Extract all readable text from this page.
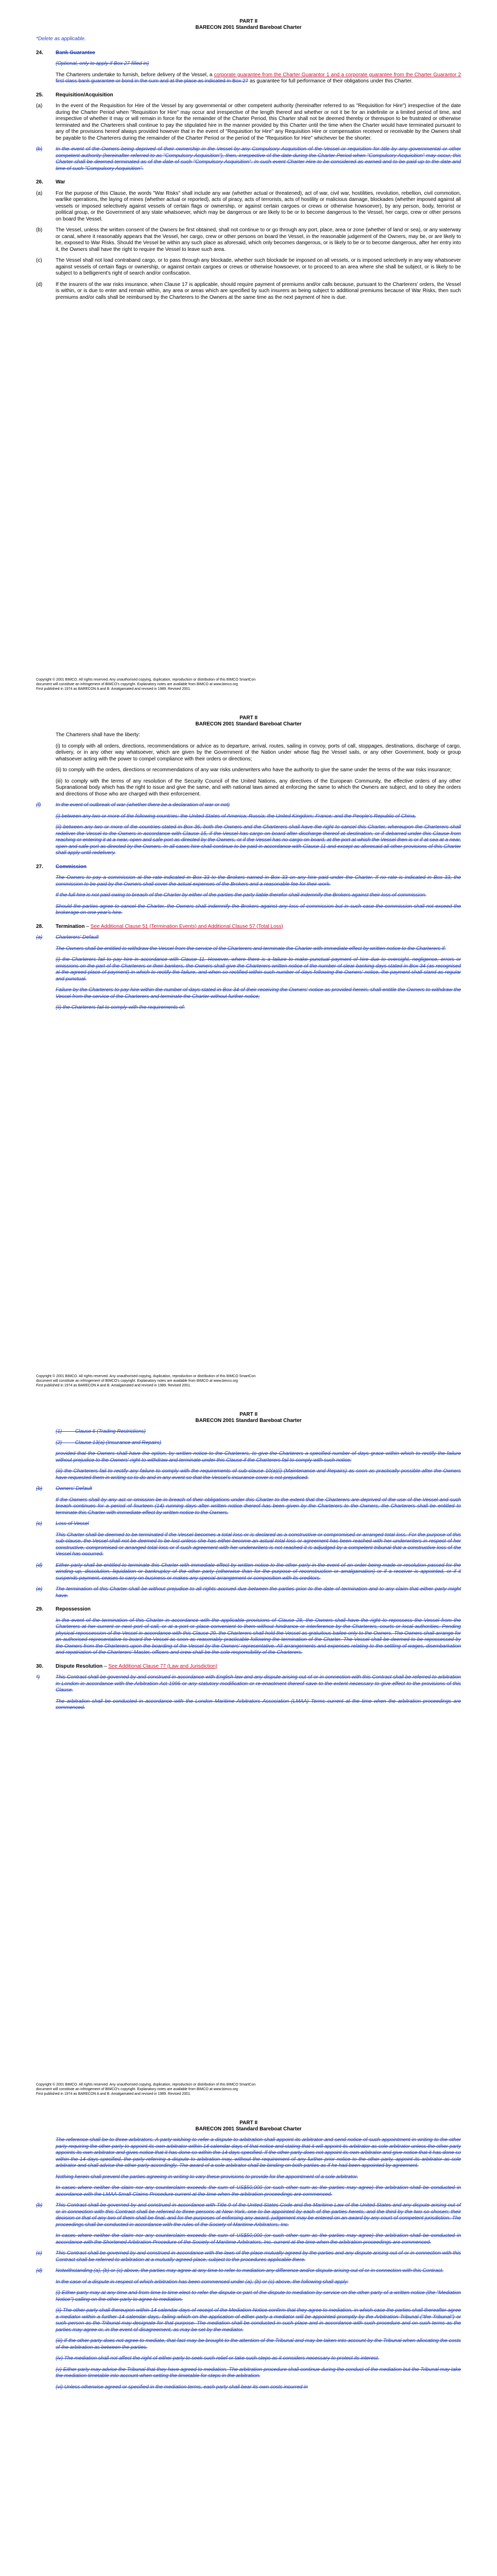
PART II
BARECON 2001 Standard Bareboat Charter
*Delete as applicable.
24.	Bank Guarantee
(Optional, only to apply if Box 27 filled in)
The Charterers undertake to furnish, before delivery of the Vessel, a corporate guarantee from the Charter Guarantor 1 and a corporate guarantee from the Charter Guarantor 2 first class bank guarantee or bond in the sum and at the place as indicated in Box 27 as guarantee for full performance of their obligations under this Charter.
25.	Requisition/Acquisition
(a)	In the event of the Requisition for Hire of the Vessel by any governmental or other competent authority (hereinafter referred to as "Requisition for Hire") irrespective of the date during the Charter Period when "Requisition for Hire" may occur and irrespective of the length thereof and whether or not it be for an indefinite or a limited period of time, and irrespective of whether it may or will remain in force for the remainder of the Charter Period, this Charter shall not be deemed thereby or thereupon to be frustrated or otherwise terminated and the Charterers shall continue to pay the stipulated hire in the manner provided by this Charter until the time when the Charter would have terminated pursuant to any of the provisions hereof always provided however that in the event of "Requisition for Hire" any Requisition Hire or compensation received or receivable by the Owners shall be payable to the Charterers during the remainder of the Charter Period or the period of the "Requisition for Hire" whichever be the shorter.
(b)	In the event of the Owners being deprived of their ownership in the Vessel by any Compulsory Acquisition of the Vessel or requisition for title by any governmental or other competent authority (hereinafter referred to as "Compulsory Acquisition"), then, irrespective of the date during the Charter Period when "Compulsory Acquisition" may occur, this Charter shall be deemed terminated as of the date of such "Compulsory Acquisition". In such event Charter Hire to be considered as earned and to be paid up to the date and time of such "Compulsory Acquisition".
26.	War
(a)	For the purpose of this Clause, the words "War Risks" shall include any war (whether actual or threatened), act of war, civil war, hostilities, revolution, rebellion, civil commotion, warlike operations, the laying of mines (whether actual or reported), acts of piracy, acts of terrorists, acts of hostility or malicious damage, blockades (whether imposed against all vessels or imposed selectively against vessels of certain flags or ownership, or against certain cargoes or crews or otherwise howsoever), by any person, body, terrorist or political group, or the Government of any state whatsoever, which may be dangerous or are likely to be or to become dangerous to the Vessel, her cargo, crew or other persons on board the Vessel.
(b)	The Vessel, unless the written consent of the Owners be first obtained, shall not continue to or go through any port, place, area or zone (whether of land or sea), or any waterway or canal, where it reasonably appears that the Vessel, her cargo, crew or other persons on board the Vessel, in the reasonable judgement of the Owners, may be, or are likely to be, exposed to War Risks. Should the Vessel be within any such place as aforesaid, which only becomes dangerous, or is likely to be or to become dangerous, after her entry into it, the Owners shall have the right to require the Vessel to leave such area.
(c)	The Vessel shall not load contraband cargo, or to pass through any blockade, whether such blockade be imposed on all vessels, or is imposed selectively in any way whatsoever against vessels of certain flags or ownership, or against certain cargoes or crews or otherwise howsoever, or to proceed to an area where she shall be subject, or is likely to be subject to a belligerent's right of search and/or confiscation.
(d)	If the insurers of the war risks insurance, when Clause 17 is applicable, should require payment of premiums and/or calls because, pursuant to the Charterers' orders, the Vessel is within, or is due to enter and remain within, any area or areas which are specified by such insurers as being subject to additional premiums because of War Risks, then such premiums and/or calls shall be reimbursed by the Charterers to the Owners at the same time as the next payment of hire is due.
Copyright © 2001 BIMCO. All rights reserved. Any unauthorised copying, duplication, reproduction or distribution of this BIMCO SmartCon
document will constitute an infringement of BIMCO's copyright. Explanatory notes are available from BIMCO at www.bimco.org
First published in 1974 as BARECON A and B. Amalgamated and revised in 1989. Revised 2001.
PART II
BARECON 2001 Standard Bareboat Charter
The Charterers shall have the liberty:
(i) to comply with all orders, directions, recommendations or advice as to departure, arrival, routes, sailing in convoy, ports of call, stoppages, destinations, discharge of cargo, delivery, or in any other way whatsoever, which are given by the Government of the Nation under whose flag the Vessel sails, or any other Government, body or group whatsoever acting with the power to compel compliance with their orders or directions;
(ii) to comply with the orders, directions or recommendations of any war risks underwriters who have the authority to give the same under the terms of the war risks insurance;
(iii) to comply with the terms of any resolution of the Security Council of the United Nations, any directives of the European Community, the effective orders of any other Supranational body which has the right to issue and give the same, and with national laws aimed at enforcing the same to which the Owners are subject, and to obey the orders and directions of those who are charged with their enforcement.
(f)	In the event of outbreak of war (whether there be a declaration of war or not)
(i) between any two or more of the following countries: the United States of America; Russia; the United Kingdom; France; and the People's Republic of China,
(ii) between any two or more of the countries stated in Box 36, both the Owners and the Charterers shall have the right to cancel this Charter, whereupon the Charterers shall redeliver the Vessel to the Owners in accordance with Clause 15, if the Vessel has cargo on board after discharge thereof at destination, or if debarred under this Clause from reaching or entering it at a near, open and safe port as directed by the Owners, or if the Vessel has no cargo on board, at the port at which the Vessel then is or if at sea at a near, open and safe port as directed by the Owners. In all cases hire shall continue to be paid in accordance with Clause 11 and except as aforesaid all other provisions of this Charter shall apply until redelivery.
27.	Commission
The Owners to pay a commission at the rate indicated in Box 33 to the Brokers named in Box 33 on any hire paid under the Charter. If no rate is indicated in Box 33, the commission to be paid by the Owners shall cover the actual expenses of the Brokers and a reasonable fee for their work.
If the full hire is not paid owing to breach of the Charter by either of the parties the party liable therefor shall indemnify the Brokers against their loss of commission.
Should the parties agree to cancel the Charter, the Owners shall indemnify the Brokers against any loss of commission but in such case the commission shall not exceed the brokerage on one year's hire.
28.	Termination – See Additional Clause 51 (Termination Events) and Additional Clause 57 (Total Loss)
(a)	Charterers' Default
The Owners shall be entitled to withdraw the Vessel from the service of the Charterers and terminate the Charter with immediate effect by written notice to the Charterers if:
(i) the Charterers fail to pay hire in accordance with Clause 11. However, where there is a failure to make punctual payment of hire due to oversight, negligence, errors or omissions on the part of the Charterers or their bankers, the Owners shall give the Charterers written notice of the number of clear banking days stated in Box 34 (as recognised at the agreed place of payment) in which to rectify the failure, and when so rectified within such number of days following the Owners' notice, the payment shall stand as regular and punctual.
Failure by the Charterers to pay hire within the number of days stated in Box 34 of their receiving the Owners' notice as provided herein, shall entitle the Owners to withdraw the Vessel from the service of the Charterers and terminate the Charter without further notice;
(ii) the Charterers fail to comply with the requirements of:
Copyright © 2001 BIMCO. All rights reserved. Any unauthorised copying, duplication, reproduction or distribution of this BIMCO SmartCon
document will constitute an infringement of BIMCO's copyright. Explanatory notes are available from BIMCO at www.bimco.org
First published in 1974 as BARECON A and B. Amalgamated and revised in 1989. Revised 2001.
PART II
BARECON 2001 Standard Bareboat Charter
(1) —— Clause 6 (Trading Restrictions)
(2) —— Clause 13(a) (Insurance and Repairs)
provided that the Owners shall have the option, by written notice to the Charterers, to give the Charterers a specified number of days grace within which to rectify the failure without prejudice to the Owners' right to withdraw and terminate under this Clause if the Charterers fail to comply with such notice;
(iii) the Charterers fail to rectify any failure to comply with the requirements of sub-clause 10(a)(i) (Maintenance and Repairs) as soon as practically possible after the Owners have requested them in writing so to do and in any event so that the Vessel's insurance cover is not prejudiced.
(b)	Owners' Default
If the Owners shall by any act or omission be in breach of their obligations under this Charter to the extent that the Charterers are deprived of the use of the Vessel and such breach continues for a period of fourteen (14) running days after written notice thereof has been given by the Charterers to the Owners, the Charterers shall be entitled to terminate this Charter with immediate effect by written notice to the Owners.
(c)	Loss of Vessel
This Charter shall be deemed to be terminated if the Vessel becomes a total loss or is declared as a constructive or compromised or arranged total loss. For the purpose of this sub-clause, the Vessel shall not be deemed to be lost unless she has either become an actual total loss or agreement has been reached with her underwriters in respect of her constructive, compromised or arranged total loss or if such agreement with her underwriters is not reached it is adjudged by a competent tribunal that a constructive loss of the Vessel has occurred.
(d)	Either party shall be entitled to terminate this Charter with immediate effect by written notice to the other party in the event of an order being made or resolution passed for the winding up, dissolution, liquidation or bankruptcy of the other party (otherwise than for the purpose of reconstruction or amalgamation) or if a receiver is appointed, or if it suspends payment, ceases to carry on business or makes any special arrangement or composition with its creditors.
(e)	The termination of this Charter shall be without prejudice to all rights accrued due between the parties prior to the date of termination and to any claim that either party might have.
29.	Repossession
In the event of the termination of this Charter in accordance with the applicable provisions of Clause 28, the Owners shall have the right to repossess the Vessel from the Charterers at her current or next port of call, or at a port or place convenient to them without hindrance or interference by the Charterers, courts or local authorities. Pending physical repossession of the Vessel in accordance with this Clause 29, the Charterers shall hold the Vessel as gratuitous bailee only to the Owners. The Owners shall arrange for an authorised representative to board the Vessel as soon as reasonably practicable following the termination of the Charter. The Vessel shall be deemed to be repossessed by the Owners from the Charterers upon the boarding of the Vessel by the Owners' representative. All arrangements and expenses relating to the settling of wages, disembarkation and repatriation of the Charterers' Master, officers and crew shall be the sole responsibility of the Charterers.
30.	Dispute Resolution – See Additional Clause 77 (Law and Jurisdiction)
*)	This Contract shall be governed by and construed in accordance with English law and any dispute arising out of or in connection with this Contract shall be referred to arbitration in London in accordance with the Arbitration Act 1996 or any statutory modification or re-enactment thereof save to the extent necessary to give effect to the provisions of this Clause.
The arbitration shall be conducted in accordance with the London Maritime Arbitrators Association (LMAA) Terms current at the time when the arbitration proceedings are commenced.
Copyright © 2001 BIMCO. All rights reserved. Any unauthorised copying, duplication, reproduction or distribution of this BIMCO SmartCon
document will constitute an infringement of BIMCO's copyright. Explanatory notes are available from BIMCO at www.bimco.org
First published in 1974 as BARECON A and B. Amalgamated and revised in 1989. Revised 2001.
PART II
BARECON 2001 Standard Bareboat Charter
The reference shall be to three arbitrators. A party wishing to refer a dispute to arbitration shall appoint its arbitrator and send notice of such appointment in writing to the other party requiring the other party to appoint its own arbitrator within 14 calendar days of that notice and stating that it will appoint its arbitrator as sole arbitrator unless the other party appoints its own arbitrator and gives notice that it has done so within the 14 days specified. If the other party does not appoint its own arbitrator and give notice that it has done so within the 14 days specified, the party referring a dispute to arbitration may, without the requirement of any further prior notice to the other party, appoint its arbitrator as sole arbitrator and shall advise the other party accordingly. The award of a sole arbitrator shall be binding on both parties as if he had been appointed by agreement.
Nothing herein shall prevent the parties agreeing in writing to vary these provisions to provide for the appointment of a sole arbitrator.
In cases where neither the claim nor any counterclaim exceeds the sum of US$50,000 (or such other sum as the parties may agree) the arbitration shall be conducted in accordance with the LMAA Small Claims Procedure current at the time when the arbitration proceedings are commenced.
(b)	This Contract shall be governed by and construed in accordance with Title 9 of the United States Code and the Maritime Law of the United States and any dispute arising out of or in connection with this Contract shall be referred to three persons at New York, one to be appointed by each of the parties hereto, and the third by the two so chosen; their decision or that of any two of them shall be final, and for the purposes of enforcing any award, judgement may be entered on an award by any court of competent jurisdiction. The proceedings shall be conducted in accordance with the rules of the Society of Maritime Arbitrators, Inc.
In cases where neither the claim nor any counterclaim exceeds the sum of US$50,000 (or such other sum as the parties may agree) the arbitration shall be conducted in accordance with the Shortened Arbitration Procedure of the Society of Maritime Arbitrators, Inc. current at the time when the arbitration proceedings are commenced.
(c)	This Contract shall be governed by and construed in accordance with the laws of the place mutually agreed by the parties and any dispute arising out of or in connection with this Contract shall be referred to arbitration at a mutually agreed place, subject to the procedures applicable there.
(d)	Notwithstanding (a), (b) or (c) above, the parties may agree at any time to refer to mediation any difference and/or dispute arising out of or in connection with this Contract.
In the case of a dispute in respect of which arbitration has been commenced under (a), (b) or (c) above, the following shall apply:
(i) Either party may at any time and from time to time elect to refer the dispute or part of the dispute to mediation by service on the other party of a written notice (the "Mediation Notice") calling on the other party to agree to mediation.
(ii) The other party shall thereupon within 14 calendar days of receipt of the Mediation Notice confirm that they agree to mediation, in which case the parties shall thereafter agree a mediator within a further 14 calendar days, failing which on the application of either party a mediator will be appointed promptly by the Arbitration Tribunal ("the Tribunal") or such person as the Tribunal may designate for that purpose. The mediation shall be conducted in such place and in accordance with such procedure and on such terms as the parties may agree or, in the event of disagreement, as may be set by the mediator.
(iii) If the other party does not agree to mediate, that fact may be brought to the attention of the Tribunal and may be taken into account by the Tribunal when allocating the costs of the arbitration as between the parties.
(iv) The mediation shall not affect the right of either party to seek such relief or take such steps as it considers necessary to protect its interest.
(v) Either party may advise the Tribunal that they have agreed to mediation. The arbitration procedure shall continue during the conduct of the mediation but the Tribunal may take the mediation timetable into account when setting the timetable for steps in the arbitration.
(vi) Unless otherwise agreed or specified in the mediation terms, each party shall bear its own costs incurred in
